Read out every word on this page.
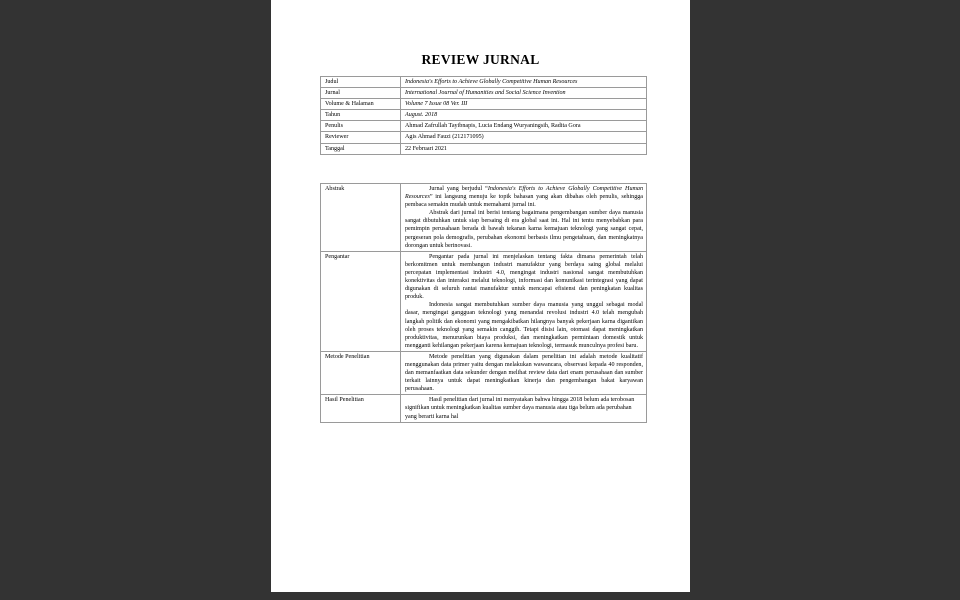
REVIEW JURNAL
Judul	Indonesia's Efforts to Achieve Globally Competitive Human Resources
Jurnal	International Journal of Humanities and Social Science Invention
Volume & Halaman	Volume 7 Issue 08 Ver. III
Tahun	August. 2018
Penulis	Ahmad Zafrullah Tayibnapis, Lucia Endang Wuryaningsih, Radita Gora
Reviewer	Agis Ahmad Fauzi (212171095)
Tanggal	22 Februari 2021
Abstrak	Jurnal yang berjudul “Indonesia's Efforts to Achieve Globally Competitive Human Resources” ini langsung menuju ke topik bahasan yang akan dibahas oleh penulis, sehingga pembaca semakin mudah untuk memahami jurnal ini.

Abstrak dari jurnal ini berisi tentang bagaimana pengembangan sumber daya manusia sangat dibutuhkan untuk siap bersaing di era global saat ini. Hal ini tentu menyebabkan para pemimpin perusahaan berada di bawah tekanan karna kemajuan teknologi yang sangat cepat, pergeseran pola demografis, perubahan ekonomi berbasis ilmu pengetahuan, dan meningkatnya dorongan untuk berinovasi.

Pengantar	Pengantar pada jurnal ini menjelaskan tentang fakta dimana pemerintah telah berkomitmen untuk membangun industri manufaktur yang berdaya saing global melalui percepatan implementasi industri 4.0, mengingat industri nasional sangat membutuhkan konektivitas dan interaksi melalui teknologi, informasi dan komunikasi terintegrasi yang dapat digunakan di seluruh rantai manufaktur untuk mencapai efisiensi dan peningkatan kualitas produk.

Indonesia sangat membutuhkan sumber daya manusia yang unggul sebagai modal dasar, mengingat gangguan teknologi yang menandai revolusi industri 4.0 telah mengubah langkah politik dan ekonomi yang mengakibatkan hilangnya banyak pekerjaan karna digantikan oleh proses teknologi yang semakin canggih. Tetapi disisi lain, otomasi dapat meningkatkan produktivitas, menurunkan biaya produksi, dan meningkatkan permintaan domestik untuk mengganti kehilangan pekerjaan karena kemajuan teknologi, termasuk munculnya profesi baru.

Metode Penelitian	Metode penelitian yang digunakan dalam penelitian ini adalah metode kualitatif menggunakan data primer yaitu dengan melakukan wawancara, observasi kepada 40 responden, dan memanfaatkan data sekunder dengan melihat review data dari enam perusahaan dan sumber terkait lainnya untuk dapat meningkatkan kinerja dan pengembangan bakat karyawan perusahaan.

Hasil Penelitian	Hasil penelitian dari jurnal ini menyatakan bahwa hingga 2018 belum ada terobosan signifikan untuk meningkatkan kualitas sumber daya manusia atau tiga belum ada perubahan yang berarti karna hal
